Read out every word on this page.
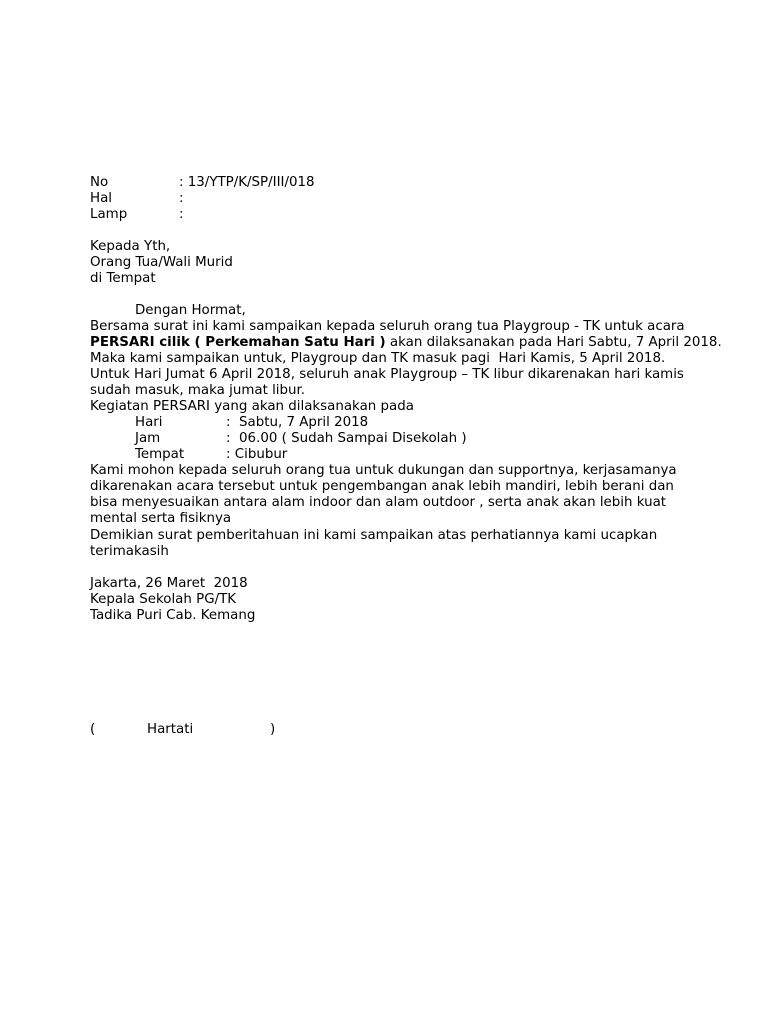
No	: 13/YTP/K/SP/III/018
Hal	:
Lamp	:
Kepada Yth,
Orang Tua/Wali Murid
di Tempat
Dengan Hormat,
Bersama surat ini kami sampaikan kepada seluruh orang tua Playgroup - TK untuk acara
PERSARI cilik ( Perkemahan Satu Hari ) akan dilaksanakan pada Hari Sabtu, 7 April 2018.
Maka kami sampaikan untuk, Playgroup dan TK masuk pagi  Hari Kamis, 5 April 2018.
Untuk Hari Jumat 6 April 2018, seluruh anak Playgroup – TK libur dikarenakan hari kamis
sudah masuk, maka jumat libur.
Kegiatan PERSARI yang akan dilaksanakan pada
Hari	:  Sabtu, 7 April 2018
Jam	:  06.00 ( Sudah Sampai Disekolah )
Tempat	: Cibubur
Kami mohon kepada seluruh orang tua untuk dukungan dan supportnya, kerjasamanya
dikarenakan acara tersebut untuk pengembangan anak lebih mandiri, lebih berani dan
bisa menyesuaikan antara alam indoor dan alam outdoor , serta anak akan lebih kuat
mental serta fisiknya
Demikian surat pemberitahuan ini kami sampaikan atas perhatiannya kami ucapkan
terimakasih
Jakarta, 26 Maret  2018
Kepala Sekolah PG/TK
Tadika Puri Cab. Kemang
(	Hartati	)
